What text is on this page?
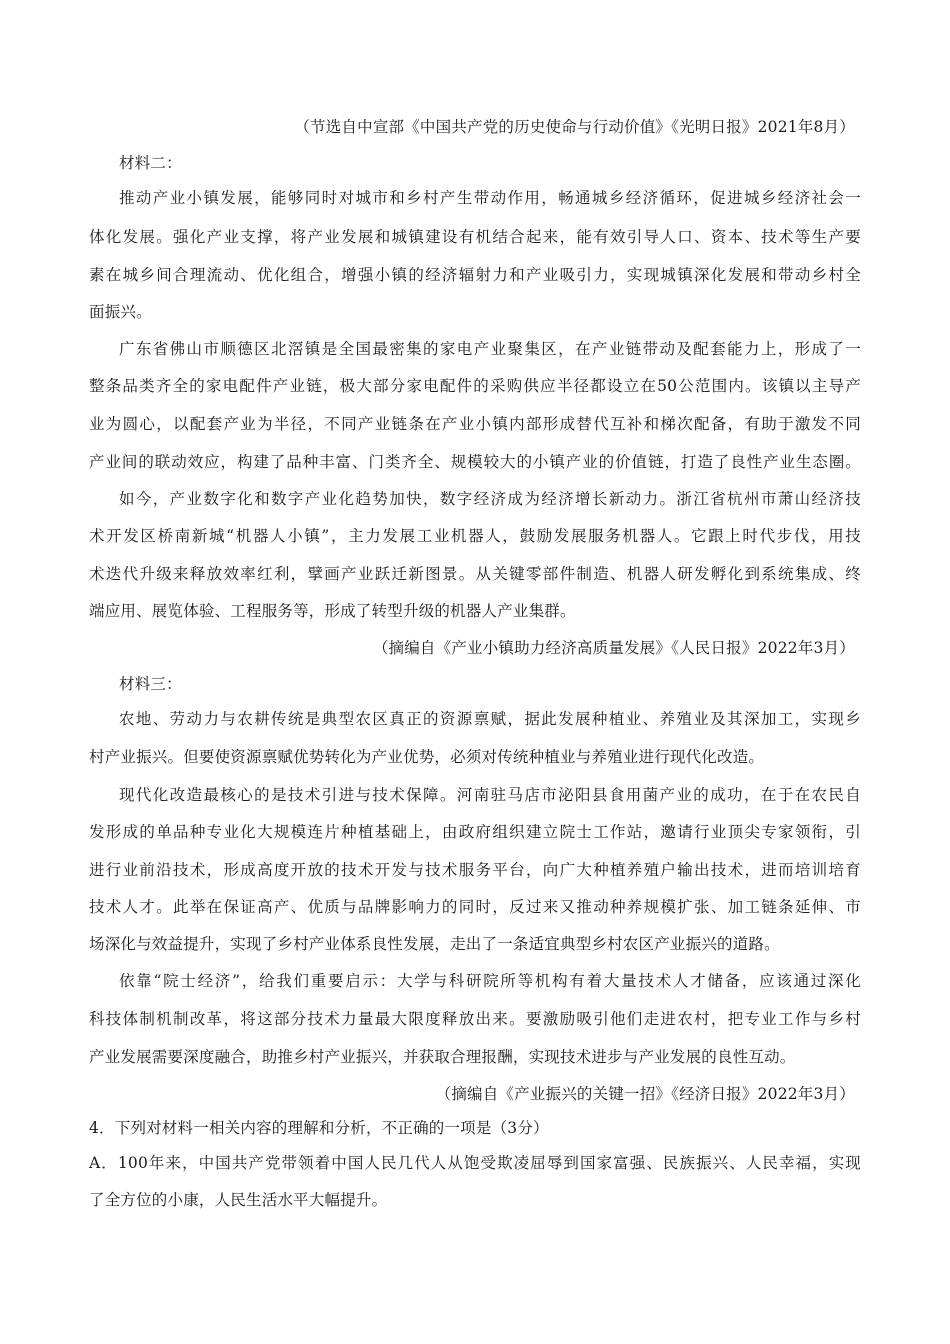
（节选自中宣部《中国共产党的历史使命与行动价值》《光明日报》2021年8月）
材料二：
推动产业小镇发展，能够同时对城市和乡村产生带动作用，畅通城乡经济循环，促进城乡经济社会一
体化发展。强化产业支撑，将产业发展和城镇建设有机结合起来，能有效引导人口、资本、技术等生产要
素在城乡间合理流动、优化组合，增强小镇的经济辐射力和产业吸引力，实现城镇深化发展和带动乡村全
面振兴。
广东省佛山市顺德区北滘镇是全国最密集的家电产业聚集区，在产业链带动及配套能力上，形成了一
整条品类齐全的家电配件产业链，极大部分家电配件的采购供应半径都设立在50公范围内。该镇以主导产
业为圆心，以配套产业为半径，不同产业链条在产业小镇内部形成替代互补和梯次配备，有助于激发不同
产业间的联动效应，构建了品种丰富、门类齐全、规模较大的小镇产业的价值链，打造了良性产业生态圈。
如今，产业数字化和数字产业化趋势加快，数字经济成为经济增长新动力。浙江省杭州市萧山经济技
术开发区桥南新城“机器人小镇”，主力发展工业机器人，鼓励发展服务机器人。它跟上时代步伐，用技
术迭代升级来释放效率红利，擘画产业跃迁新图景。从关键零部件制造、机器人研发孵化到系统集成、终
端应用、展览体验、工程服务等，形成了转型升级的机器人产业集群。
（摘编自《产业小镇助力经济高质量发展》《人民日报》2022年3月）
材料三：
农地、劳动力与农耕传统是典型农区真正的资源禀赋，据此发展种植业、养殖业及其深加工，实现乡
村产业振兴。但要使资源禀赋优势转化为产业优势，必须对传统种植业与养殖业进行现代化改造。
现代化改造最核心的是技术引进与技术保障。河南驻马店市泌阳县食用菌产业的成功，在于在农民自
发形成的单品种专业化大规模连片种植基础上，由政府组织建立院士工作站，邀请行业顶尖专家领衔，引
进行业前沿技术，形成高度开放的技术开发与技术服务平台，向广大种植养殖户输出技术，进而培训培育
技术人才。此举在保证高产、优质与品牌影响力的同时，反过来又推动种养规模扩张、加工链条延伸、市
场深化与效益提升，实现了乡村产业体系良性发展，走出了一条适宜典型乡村农区产业振兴的道路。
依靠“院士经济”，给我们重要启示：大学与科研院所等机构有着大量技术人才储备，应该通过深化
科技体制机制改革，将这部分技术力量最大限度释放出来。要激励吸引他们走进农村，把专业工作与乡村
产业发展需要深度融合，助推乡村产业振兴，并获取合理报酬，实现技术进步与产业发展的良性互动。
（摘编自《产业振兴的关键一招》《经济日报》2022年3月）
4．下列对材料一相关内容的理解和分析，不正确的一项是（3分）
A．100年来，中国共产党带领着中国人民几代人从饱受欺凌屈辱到国家富强、民族振兴、人民幸福，实现
了全方位的小康，人民生活水平大幅提升。
